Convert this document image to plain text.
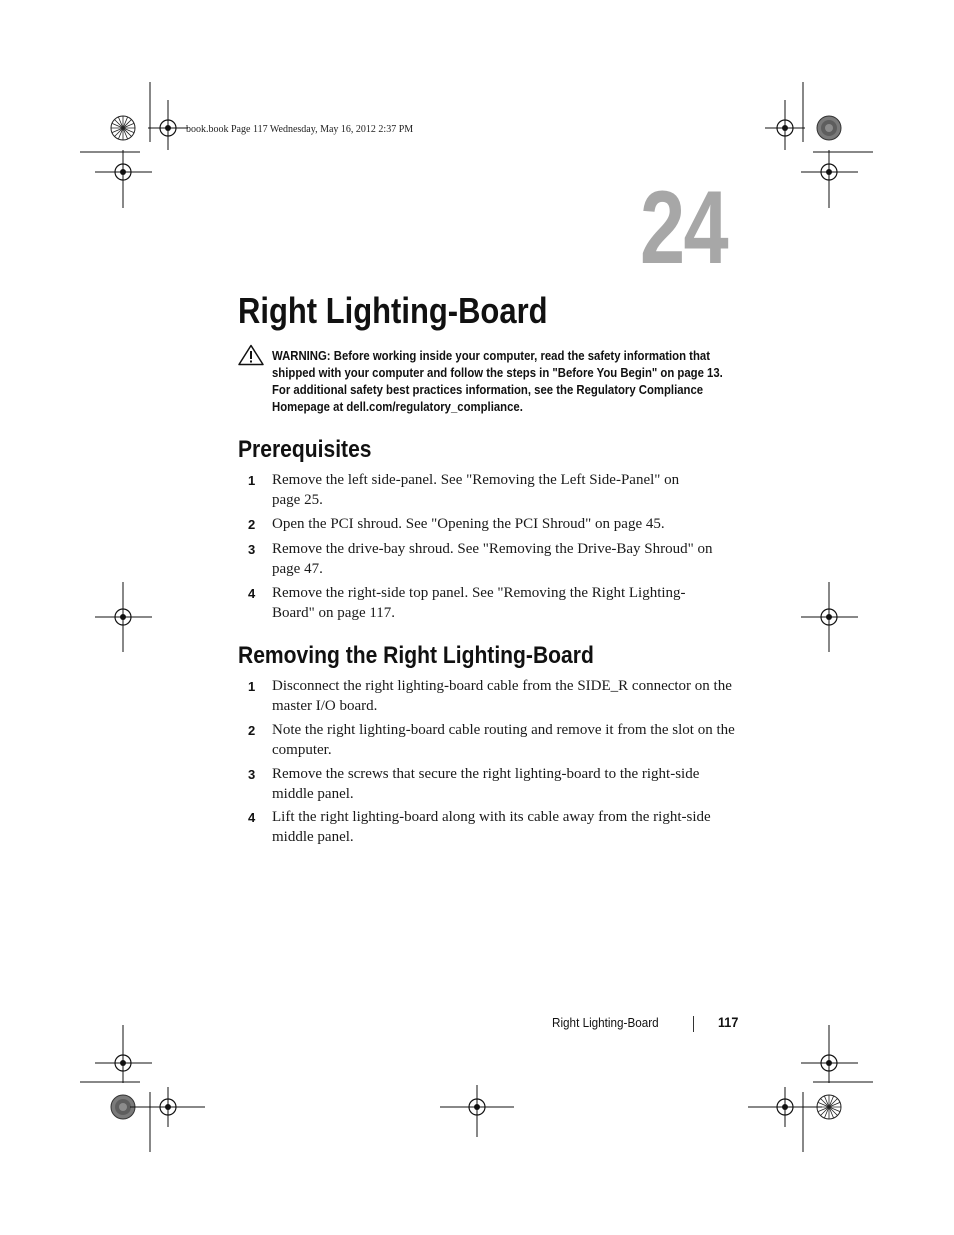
book.book Page 117 Wednesday, May 16, 2012 2:37 PM
24
Right Lighting-Board
WARNING: Before working inside your computer, read the safety information that shipped with your computer and follow the steps in "Before You Begin" on page 13. For additional safety best practices information, see the Regulatory Compliance Homepage at dell.com/regulatory_compliance.
Prerequisites
1 Remove the left side-panel. See "Removing the Left Side-Panel" on page 25.
2 Open the PCI shroud. See "Opening the PCI Shroud" on page 45.
3 Remove the drive-bay shroud. See "Removing the Drive-Bay Shroud" on page 47.
4 Remove the right-side top panel. See "Removing the Right Lighting-Board" on page 117.
Removing the Right Lighting-Board
1 Disconnect the right lighting-board cable from the SIDE_R connector on the master I/O board.
2 Note the right lighting-board cable routing and remove it from the slot on the computer.
3 Remove the screws that secure the right lighting-board to the right-side middle panel.
4 Lift the right lighting-board along with its cable away from the right-side middle panel.
Right Lighting-Board	117
